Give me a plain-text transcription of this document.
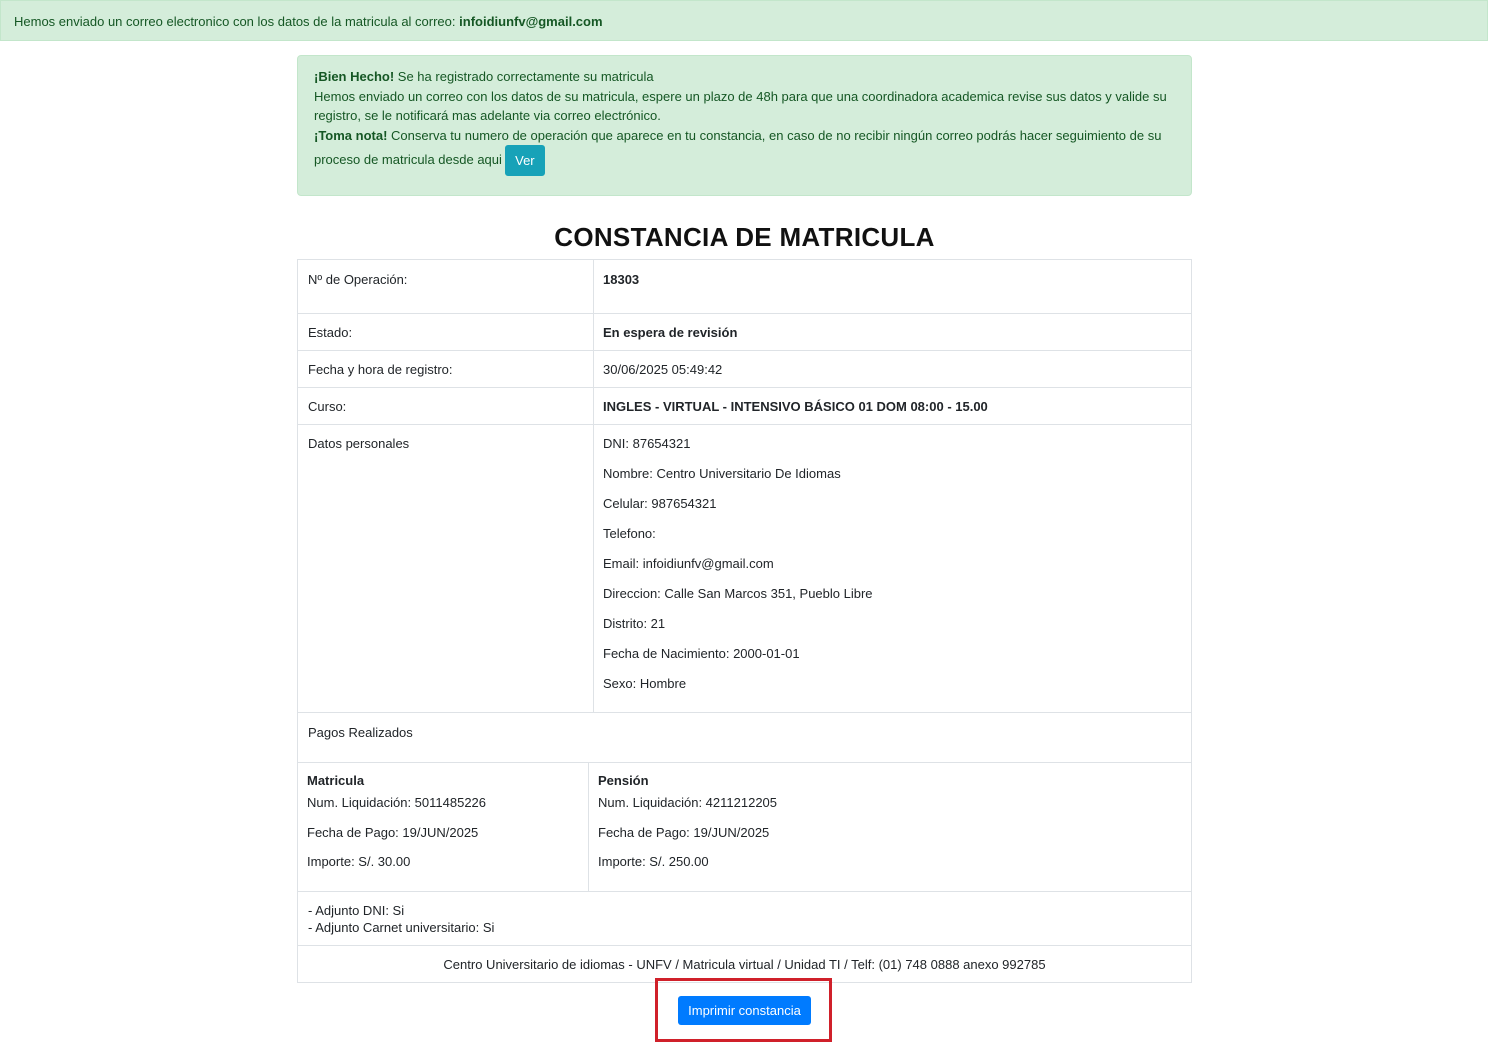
Hemos enviado un correo electronico con los datos de la matricula al correo: infoidiunfv@gmail.com
¡Bien Hecho! Se ha registrado correctamente su matricula
Hemos enviado un correo con los datos de su matricula, espere un plazo de 48h para que una coordinadora academica revise sus datos y valide su registro, se le notificará mas adelante via correo electrónico.
¡Toma nota! Conserva tu numero de operación que aparece en tu constancia, en caso de no recibir ningún correo podrás hacer seguimiento de su proceso de matricula desde aqui Ver
CONSTANCIA DE MATRICULA
Nº de Operación:	18303
Estado:	En espera de revisión
Fecha y hora de registro:	30/06/2025 05:49:42
Curso:	INGLES - VIRTUAL - INTENSIVO BÁSICO 01 DOM 08:00 - 15.00
Datos personales	DNI: 87654321
Nombre: Centro Universitario De Idiomas
Celular: 987654321
Telefono:
Email: infoidiunfv@gmail.com
Direccion: Calle San Marcos 351, Pueblo Libre
Distrito: 21
Fecha de Nacimiento: 2000-01-01
Sexo: Hombre
Pagos Realizados
Matricula
Num. Liquidación: 5011485226
Fecha de Pago: 19/JUN/2025
Importe: S/. 30.00
Pensión
Num. Liquidación: 4211212205
Fecha de Pago: 19/JUN/2025
Importe: S/. 250.00
- Adjunto DNI: Si
- Adjunto Carnet universitario: Si
Centro Universitario de idiomas - UNFV / Matricula virtual / Unidad TI / Telf: (01) 748 0888 anexo 992785
Imprimir constancia
